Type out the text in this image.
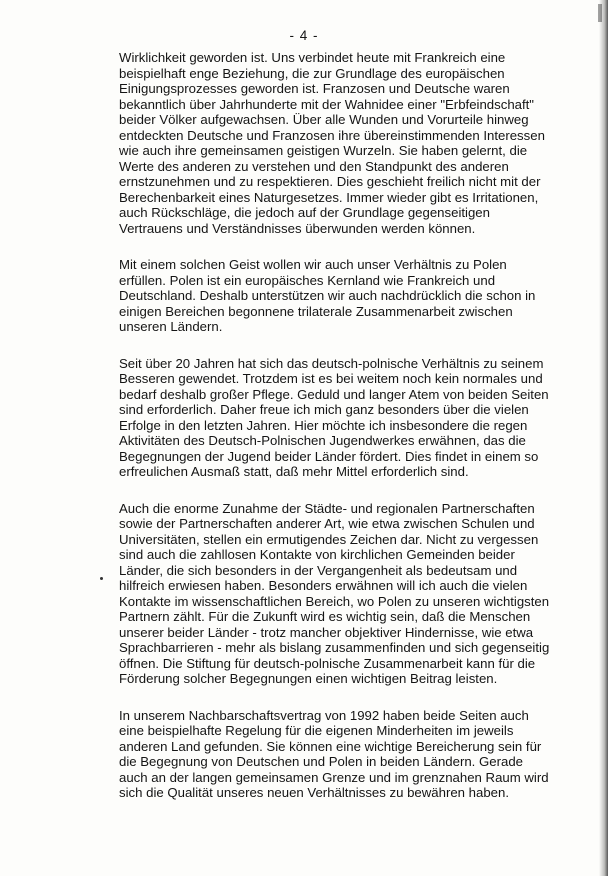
- 4 -

Wirklichkeit geworden ist. Uns verbindet heute mit Frankreich eine
beispielhaft enge Beziehung, die zur Grundlage des europäischen
Einigungsprozesses geworden ist. Franzosen und Deutsche waren
bekanntlich über Jahrhunderte mit der Wahnidee einer "Erbfeindschaft"
beider Völker aufgewachsen. Über alle Wunden und Vorurteile hinweg
entdeckten Deutsche und Franzosen ihre übereinstimmenden Interessen
wie auch ihre gemeinsamen geistigen Wurzeln. Sie haben gelernt, die
Werte des anderen zu verstehen und den Standpunkt des anderen
ernstzunehmen und zu respektieren. Dies geschieht freilich nicht mit der
Berechenbarkeit eines Naturgesetzes. Immer wieder gibt es Irritationen,
auch Rückschläge, die jedoch auf der Grundlage gegenseitigen
Vertrauens und Verständnisses überwunden werden können.

Mit einem solchen Geist wollen wir auch unser Verhältnis zu Polen
erfüllen. Polen ist ein europäisches Kernland wie Frankreich und
Deutschland. Deshalb unterstützen wir auch nachdrücklich die schon in
einigen Bereichen begonnene trilaterale Zusammenarbeit zwischen
unseren Ländern.

Seit über 20 Jahren hat sich das deutsch-polnische Verhältnis zu seinem
Besseren gewendet. Trotzdem ist es bei weitem noch kein normales und
bedarf deshalb großer Pflege. Geduld und langer Atem von beiden Seiten
sind erforderlich. Daher freue ich mich ganz besonders über die vielen
Erfolge in den letzten Jahren. Hier möchte ich insbesondere die regen
Aktivitäten des Deutsch-Polnischen Jugendwerkes erwähnen, das die
Begegnungen der Jugend beider Länder fördert. Dies findet in einem so
erfreulichen Ausmaß statt, daß mehr Mittel erforderlich sind.

Auch die enorme Zunahme der Städte- und regionalen Partnerschaften
sowie der Partnerschaften anderer Art, wie etwa zwischen Schulen und
Universitäten, stellen ein ermutigendes Zeichen dar. Nicht zu vergessen
sind auch die zahllosen Kontakte von kirchlichen Gemeinden beider
Länder, die sich besonders in der Vergangenheit als bedeutsam und
hilfreich erwiesen haben. Besonders erwähnen will ich auch die vielen
Kontakte im wissenschaftlichen Bereich, wo Polen zu unseren wichtigsten
Partnern zählt. Für die Zukunft wird es wichtig sein, daß die Menschen
unserer beider Länder - trotz mancher objektiver Hindernisse, wie etwa
Sprachbarrieren - mehr als bislang zusammenfinden und sich gegenseitig
öffnen. Die Stiftung für deutsch-polnische Zusammenarbeit kann für die
Förderung solcher Begegnungen einen wichtigen Beitrag leisten.

In unserem Nachbarschaftsvertrag von 1992 haben beide Seiten auch
eine beispielhafte Regelung für die eigenen Minderheiten im jeweils
anderen Land gefunden. Sie können eine wichtige Bereicherung sein für
die Begegnung von Deutschen und Polen in beiden Ländern. Gerade
auch an der langen gemeinsamen Grenze und im grenznahen Raum wird
sich die Qualität unseres neuen Verhältnisses zu bewähren haben.
